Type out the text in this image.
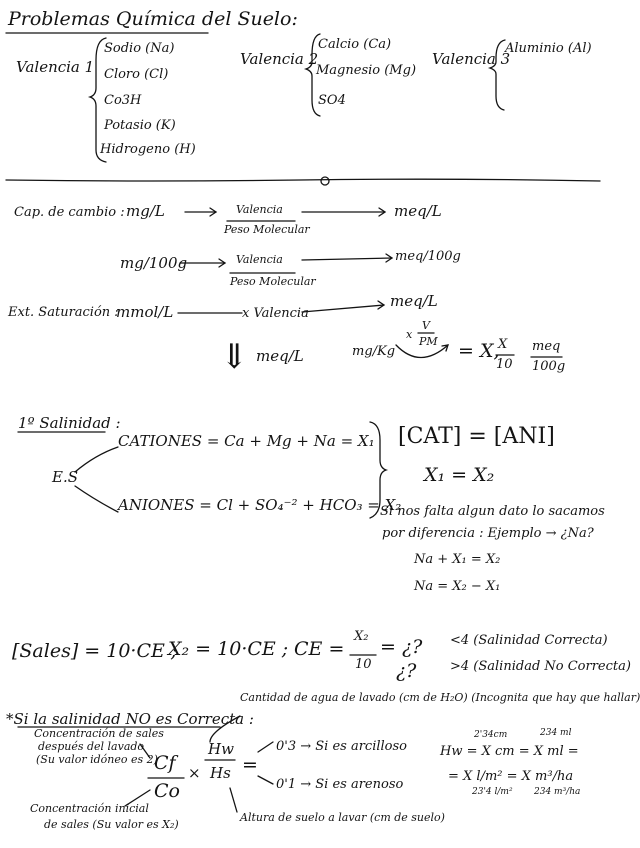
Problemas Química del Suelo:
Valencia 1
Sodio (Na)
Cloro (Cl)
Co3H
Potasio (K)
Hidrogeno (H)
Valencia 2
Calcio (Ca)
Magnesio (Mg)
SO4
Valencia 3
Aluminio (Al)
Cap. de cambio : mg/L	Valencia
Peso Molecular
meq/L
mg/100g	Valencia
Peso Molecular
meq/100g
Ext. Saturación :
mmol/L	x Valencia
meq/L
⇓ meq/L	mg/Kg
x
V
PM = X,
X
10
meq
100g
1º Salinidad :
E.S
CATIONES = Ca + Mg + Na = X₁
ANIONES = Cl + SO₄⁻² + HCO₃ = X₂
[CAT] = [ANI]
X₁ = X₂
Si nos falta algun dato lo sacamos
por diferencia : Ejemplo → ¿Na?
Na + X₁ = X₂
Na = X₂ − X₁
[Sales] = 10·CE ;
X₂ = 10·CE ; CE =
X₂
10
= ¿?
¿?
<4 (Salinidad Correcta)
>4 (Salinidad No Correcta)
*Si la salinidad NO es Correcta :
Cantidad de agua de lavado (cm de H₂O) (Incognita que hay que hallar)
Concentración de sales
después del lavado
(Su valor idóneo es 2)
Cf
Co
×
Hw
Hs =
0'3 → Si es arcilloso
0'1 → Si es arenoso
Concentración inicial
de sales (Su valor es X₂)
Altura de suelo a lavar (cm de suelo)
2'34cm	234 ml
Hw = X cm = X ml =
= X l/m² = X m³/ha
23'4 l/m² 234 m³/ha
